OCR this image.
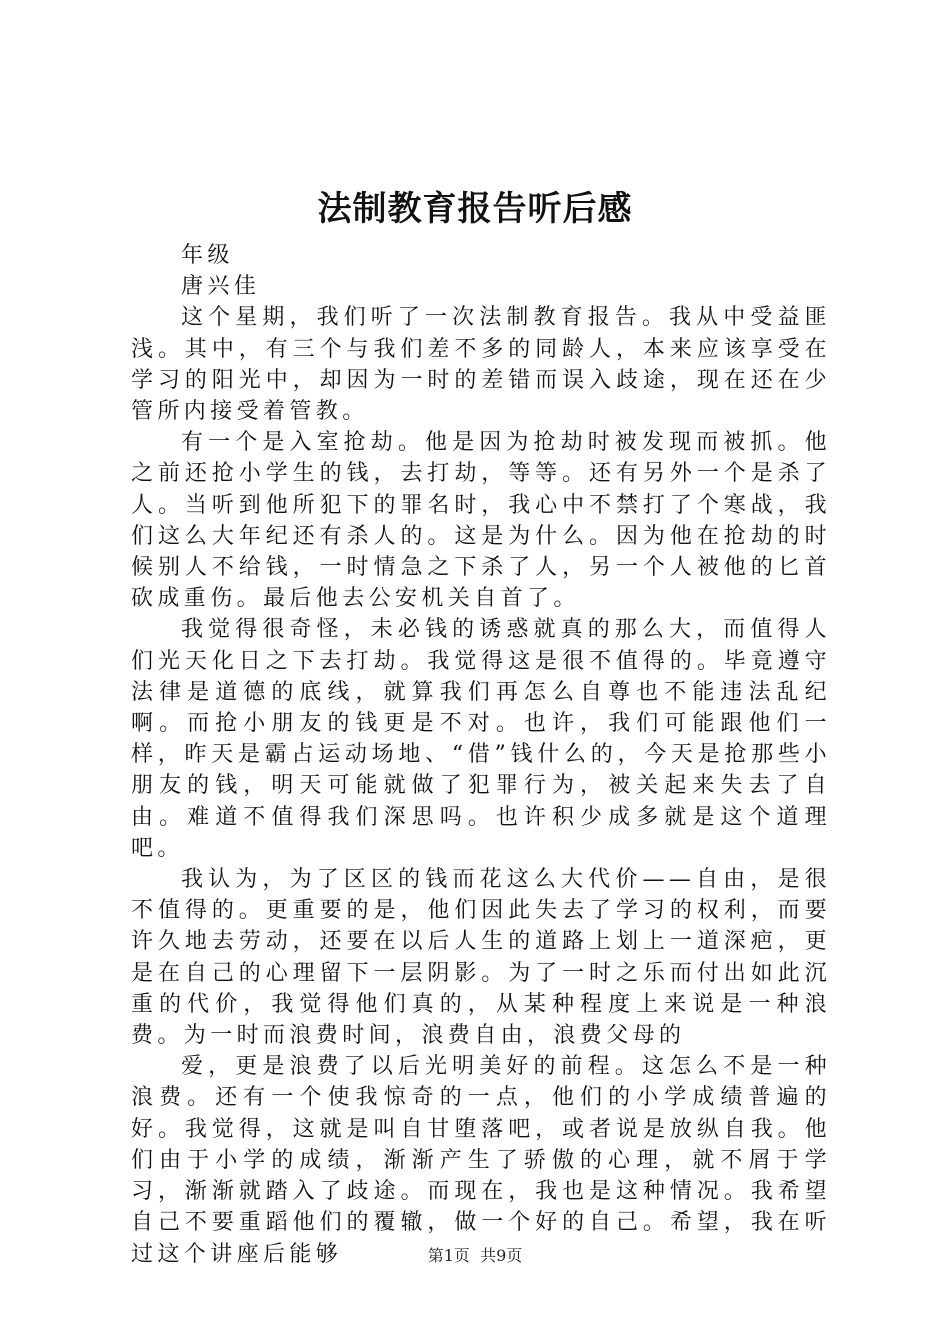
法制教育报告听后感

年级

唐兴佳

这个星期，我们听了一次法制教育报告。我从中受益匪浅。其中，有三个与我们差不多的同龄人，本来应该享受在学习的阳光中，却因为一时的差错而误入歧途，现在还在少管所内接受着管教。

有一个是入室抢劫。他是因为抢劫时被发现而被抓。他之前还抢小学生的钱，去打劫，等等。还有另外一个是杀了人。当听到他所犯下的罪名时，我心中不禁打了个寒战，我们这么大年纪还有杀人的。这是为什么。因为他在抢劫的时候别人不给钱，一时情急之下杀了人，另一个人被他的匕首砍成重伤。最后他去公安机关自首了。

我觉得很奇怪，未必钱的诱惑就真的那么大，而值得人们光天化日之下去打劫。我觉得这是很不值得的。毕竟遵守法律是道德的底线，就算我们再怎么自尊也不能违法乱纪啊。而抢小朋友的钱更是不对。也许，我们可能跟他们一样，昨天是霸占运动场地、“借”钱什么的，今天是抢那些小朋友的钱，明天可能就做了犯罪行为，被关起来失去了自由。难道不值得我们深思吗。也许积少成多就是这个道理吧。

我认为，为了区区的钱而花这么大代价——自由，是很不值得的。更重要的是，他们因此失去了学习的权利，而要许久地去劳动，还要在以后人生的道路上划上一道深疤，更是在自己的心理留下一层阴影。为了一时之乐而付出如此沉重的代价，我觉得他们真的，从某种程度上来说是一种浪费。为一时而浪费时间，浪费自由，浪费父母的

爱，更是浪费了以后光明美好的前程。这怎么不是一种浪费。还有一个使我惊奇的一点，他们的小学成绩普遍的好。我觉得，这就是叫自甘堕落吧，或者说是放纵自我。他们由于小学的成绩，渐渐产生了骄傲的心理，就不屑于学习，渐渐就踏入了歧途。而现在，我也是这种情况。我希望自己不要重蹈他们的覆辙，做一个好的自己。希望，我在听过这个讲座后能够	第1页 共9页
